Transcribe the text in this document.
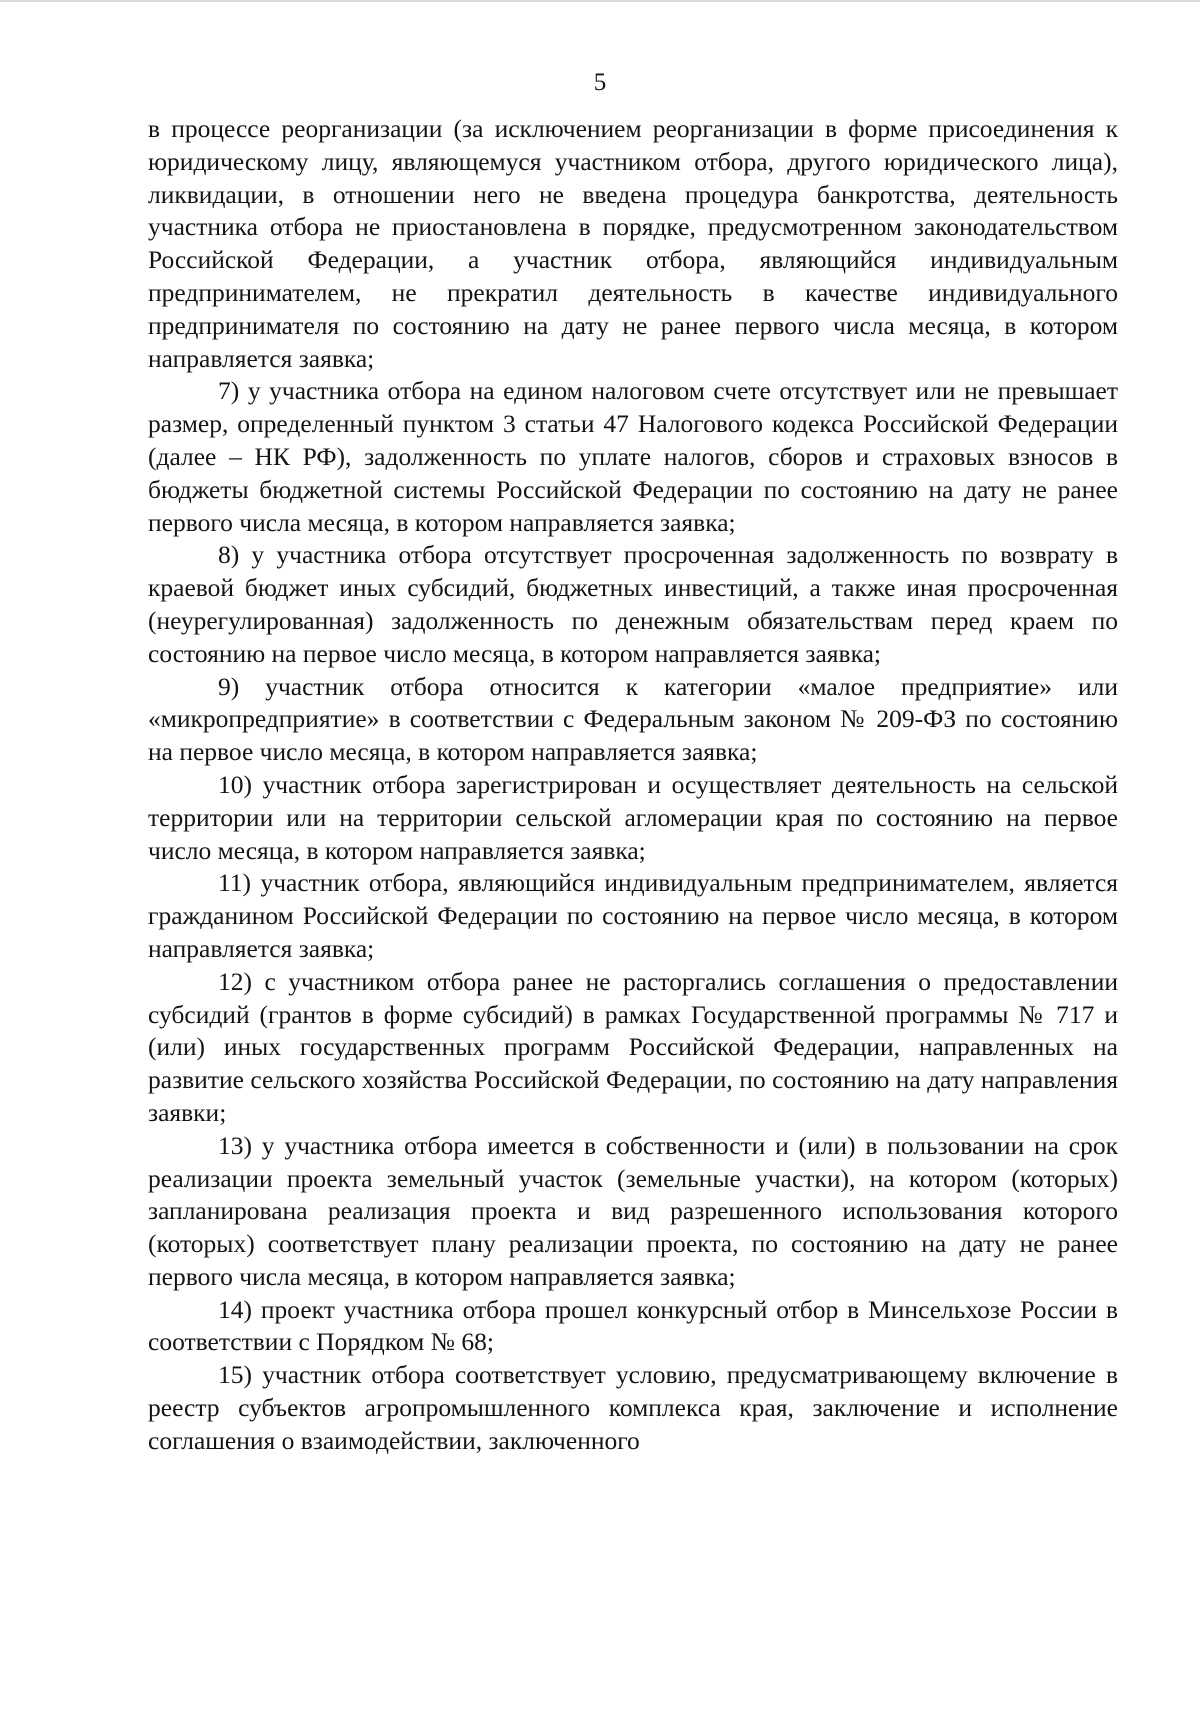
5

в процессе реорганизации (за исключением реорганизации в форме присоединения к юридическому лицу, являющемуся участником отбора, другого юридического лица), ликвидации, в отношении него не введена процедура банкротства, деятельность участника отбора не приостановлена в порядке, предусмотренном законодательством Российской Федерации, а участник отбора, являющийся индивидуальным предпринимателем, не прекратил деятельность в качестве индивидуального предпринимателя по состоянию на дату не ранее первого числа месяца, в котором направляется заявка;

7) у участника отбора на едином налоговом счете отсутствует или не превышает размер, определенный пунктом 3 статьи 47 Налогового кодекса Российской Федерации (далее – НК РФ), задолженность по уплате налогов, сборов и страховых взносов в бюджеты бюджетной системы Российской Федерации по состоянию на дату не ранее первого числа месяца, в котором направляется заявка;

8) у участника отбора отсутствует просроченная задолженность по возврату в краевой бюджет иных субсидий, бюджетных инвестиций, а также иная просроченная (неурегулированная) задолженность по денежным обязательствам перед краем по состоянию на первое число месяца, в котором направляется заявка;

9) участник отбора относится к категории «малое предприятие» или «микропредприятие» в соответствии с Федеральным законом № 209-ФЗ по состоянию на первое число месяца, в котором направляется заявка;

10) участник отбора зарегистрирован и осуществляет деятельность на сельской территории или на территории сельской агломерации края по состоянию на первое число месяца, в котором направляется заявка;

11) участник отбора, являющийся индивидуальным предпринимателем, является гражданином Российской Федерации по состоянию на первое число месяца, в котором направляется заявка;

12) с участником отбора ранее не расторгались соглашения о предоставлении субсидий (грантов в форме субсидий) в рамках Государственной программы № 717 и (или) иных государственных программ Российской Федерации, направленных на развитие сельского хозяйства Российской Федерации, по состоянию на дату направления заявки;

13) у участника отбора имеется в собственности и (или) в пользовании на срок реализации проекта земельный участок (земельные участки), на котором (которых) запланирована реализация проекта и вид разрешенного использования которого (которых) соответствует плану реализации проекта, по состоянию на дату не ранее первого числа месяца, в котором направляется заявка;

14) проект участника отбора прошел конкурсный отбор в Минсельхозе России в соответствии с Порядком № 68;

15) участник отбора соответствует условию, предусматривающему включение в реестр субъектов агропромышленного комплекса края, заключение и исполнение соглашения о взаимодействии, заключенного
